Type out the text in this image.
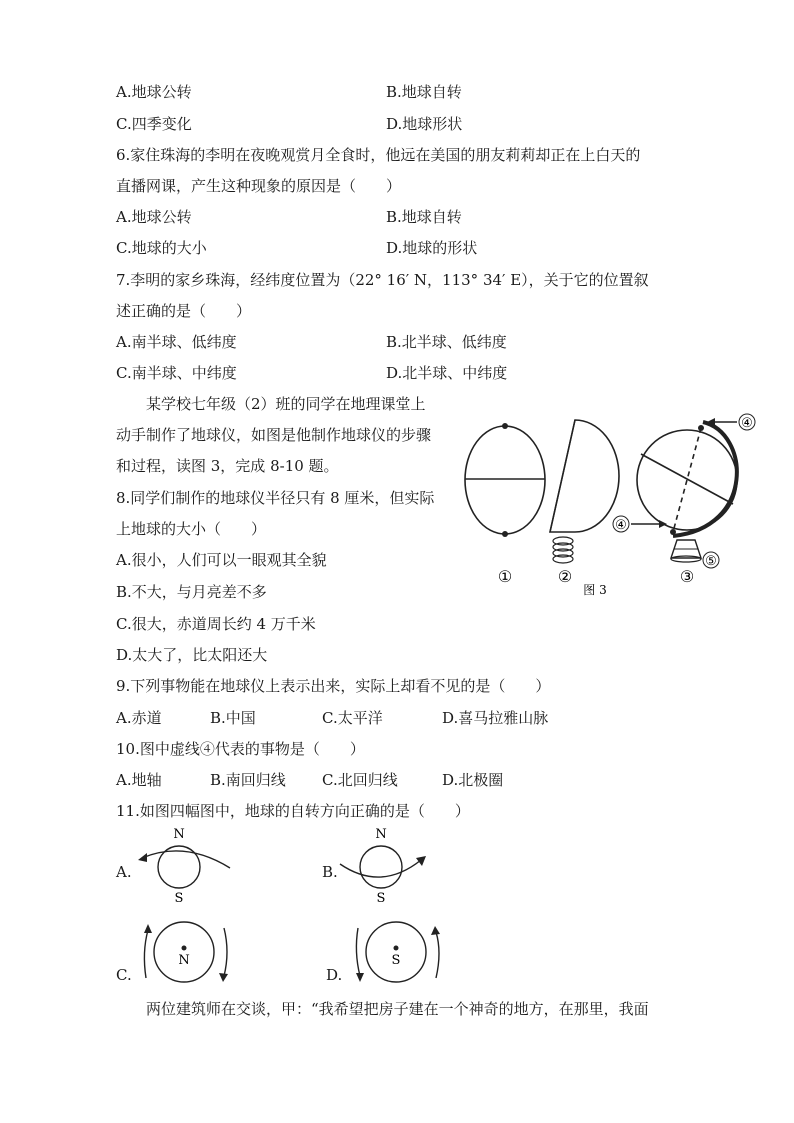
A.地球公转	B.地球自转
C.四季变化	D.地球形状
6.家住珠海的李明在夜晚观赏月全食时，他远在美国的朋友莉莉却正在上白天的
直播网课，产生这种现象的原因是（　　）
A.地球公转	B.地球自转
C.地球的大小	D.地球的形状
7.李明的家乡珠海，经纬度位置为（22° 16′ N，113° 34′ E），关于它的位置叙
述正确的是（　　）
A.南半球、低纬度	B.北半球、低纬度
C.南半球、中纬度	D.北半球、中纬度
某学校七年级（2）班的同学在地理课堂上
动手制作了地球仪，如图是他制作地球仪的步骤
和过程，读图 3，完成 8-10 题。
8.同学们制作的地球仪半径只有 8 厘米，但实际
上地球的大小（　　）
A.很小，人们可以一眼观其全貌
B.不大，与月亮差不多
C.很大，赤道周长约 4 万千米
D.太大了，比太阳还大
④
④
⑤
①	②	③
图 3
9.下列事物能在地球仪上表示出来，实际上却看不见的是（　　）
A.赤道	B.中国	C.太平洋	D.喜马拉雅山脉
10.图中虚线④代表的事物是（　　）
A.地轴	B.南回归线 C.北回归线	D.北极圈
11.如图四幅图中，地球的自转方向正确的是（　　）
A.
N
S
B.
N
S
C.
N
D.
S
两位建筑师在交谈，甲：“我希望把房子建在一个神奇的地方，在那里，我面
